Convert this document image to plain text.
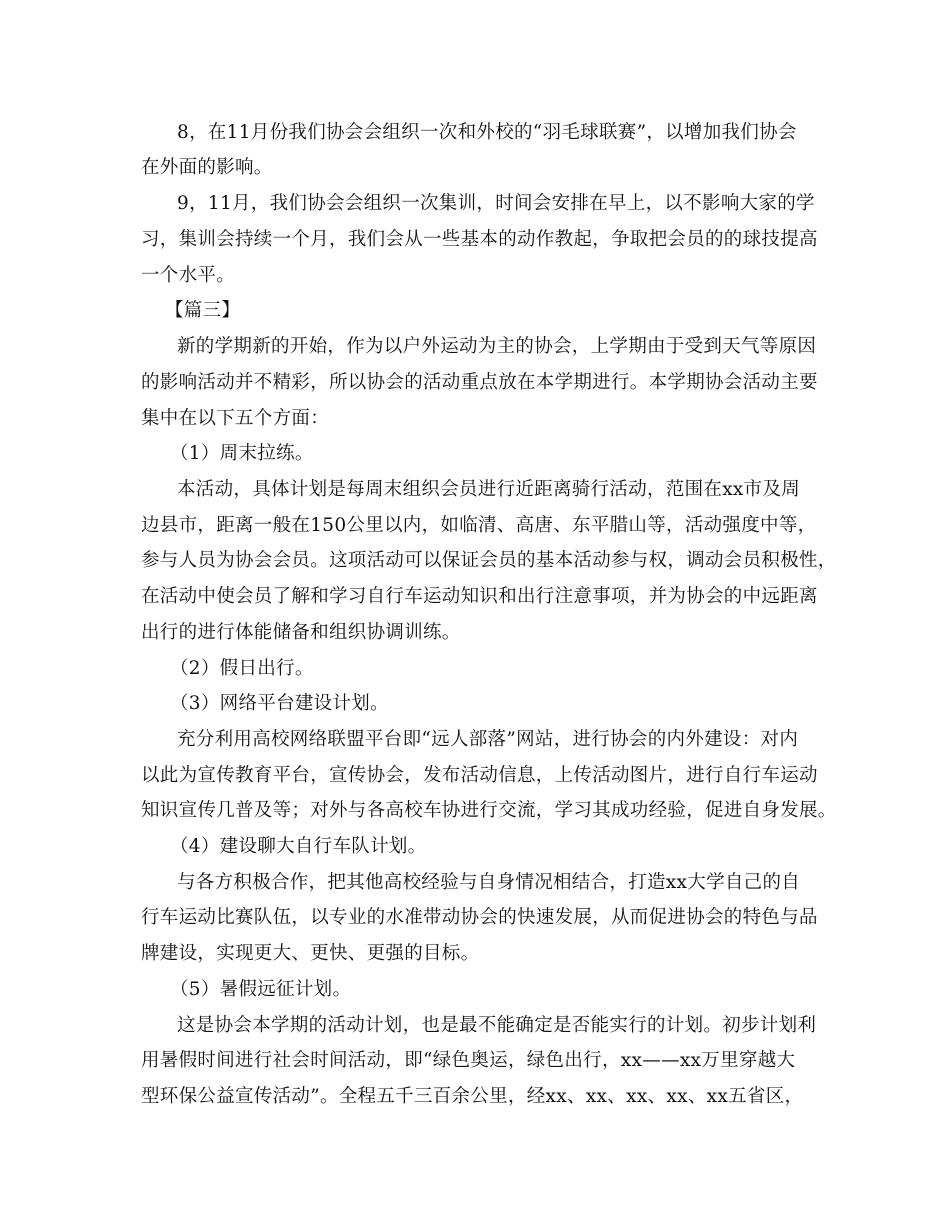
8，在11月份我们协会会组织一次和外校的“羽毛球联赛”，以增加我们协会
在外面的影响。
9，11月，我们协会会组织一次集训，时间会安排在早上，以不影响大家的学
习，集训会持续一个月，我们会从一些基本的动作教起，争取把会员的的球技提高
一个水平。
【篇三】
新的学期新的开始，作为以户外运动为主的协会，上学期由于受到天气等原因
的影响活动并不精彩，所以协会的活动重点放在本学期进行。本学期协会活动主要
集中在以下五个方面：
（1）周末拉练。
本活动，具体计划是每周末组织会员进行近距离骑行活动，范围在xx市及周
边县市，距离一般在150公里以内，如临清、高唐、东平腊山等，活动强度中等，
参与人员为协会会员。这项活动可以保证会员的基本活动参与权，调动会员积极性，
在活动中使会员了解和学习自行车运动知识和出行注意事项，并为协会的中远距离
出行的进行体能储备和组织协调训练。
（2）假日出行。
（3）网络平台建设计划。
充分利用高校网络联盟平台即“远人部落”网站，进行协会的内外建设：对内
以此为宣传教育平台，宣传协会，发布活动信息，上传活动图片，进行自行车运动
知识宣传几普及等；对外与各高校车协进行交流，学习其成功经验，促进自身发展。
（4）建设聊大自行车队计划。
与各方积极合作，把其他高校经验与自身情况相结合，打造xx大学自己的自
行车运动比赛队伍，以专业的水准带动协会的快速发展，从而促进协会的特色与品
牌建设，实现更大、更快、更强的目标。
（5）暑假远征计划。
这是协会本学期的活动计划，也是最不能确定是否能实行的计划。初步计划利
用暑假时间进行社会时间活动，即“绿色奥运，绿色出行，xx——xx万里穿越大
型环保公益宣传活动”。全程五千三百余公里，经xx、xx、xx、xx、xx五省区，
